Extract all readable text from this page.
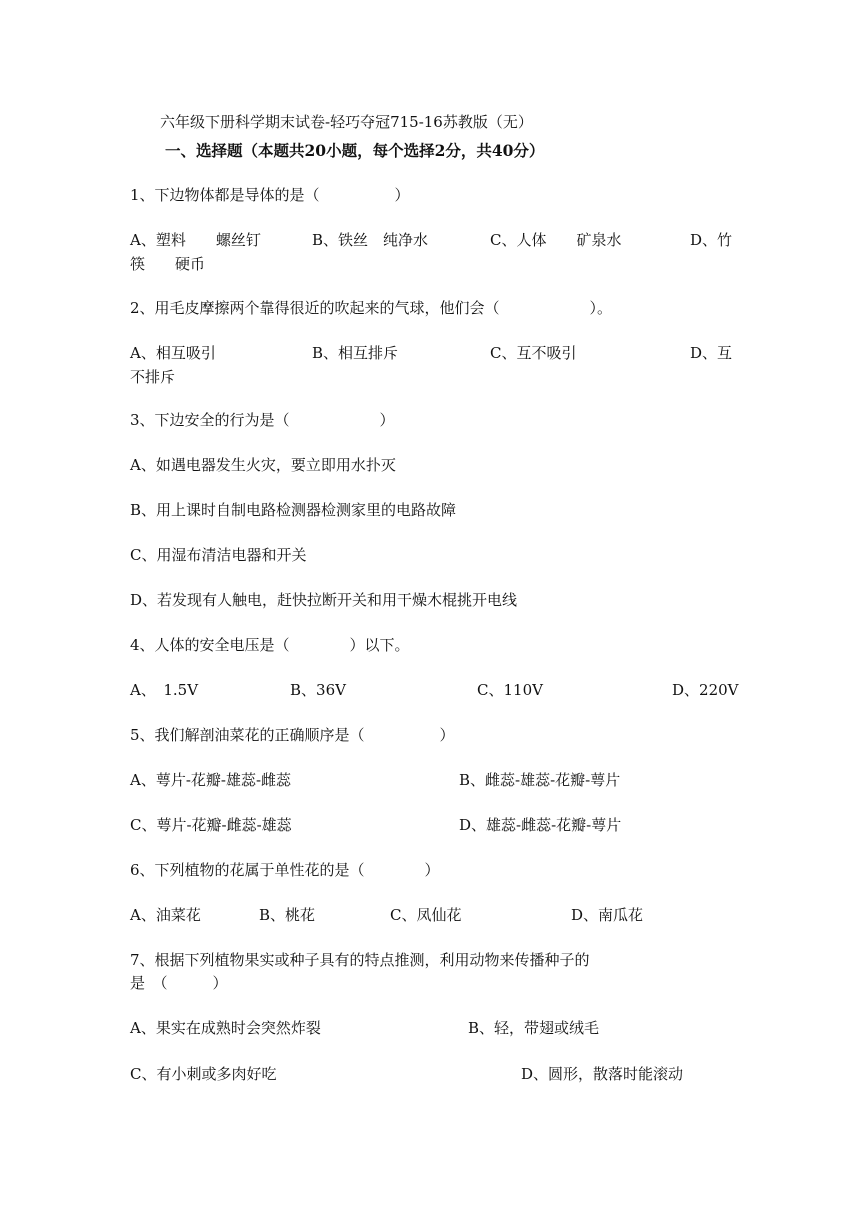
六年级下册科学期末试卷-轻巧夺冠715-16苏教版（无）
一、选择题（本题共20小题，每个选择2分，共40分）
1、下边物体都是导体的是（　　　　　）
A、塑料　　螺丝钉	B、铁丝　纯净水	C、人体　　矿泉水	D、竹
筷　　硬币
2、用毛皮摩擦两个靠得很近的吹起来的气球，他们会（　　　　　　）。
A、相互吸引	B、相互排斥	C、互不吸引	D、互
不排斥
3、下边安全的行为是（　　　　　　）
A、如遇电器发生火灾，要立即用水扑灭
B、用上课时自制电路检测器检测家里的电路故障
C、用湿布清洁电器和开关
D、若发现有人触电，赶快拉断开关和用干燥木棍挑开电线
4、人体的安全电压是（　　　　）以下。
A、　1.5V	B、36V	C、110V	D、220V
5、我们解剖油菜花的正确顺序是（　　　　　）
A、萼片-花瓣-雄蕊-雌蕊	B、雌蕊-雄蕊-花瓣-萼片
C、萼片-花瓣-雌蕊-雄蕊	D、雄蕊-雌蕊-花瓣-萼片
6、下列植物的花属于单性花的是（　　　　）
A、油菜花	B、桃花	C、凤仙花	D、南瓜花
7、根据下列植物果实或种子具有的特点推测，利用动物来传播种子的
是　（　　　）
A、果实在成熟时会突然炸裂	B、轻，带翅或绒毛
C、有小刺或多肉好吃	D、圆形，散落时能滚动
